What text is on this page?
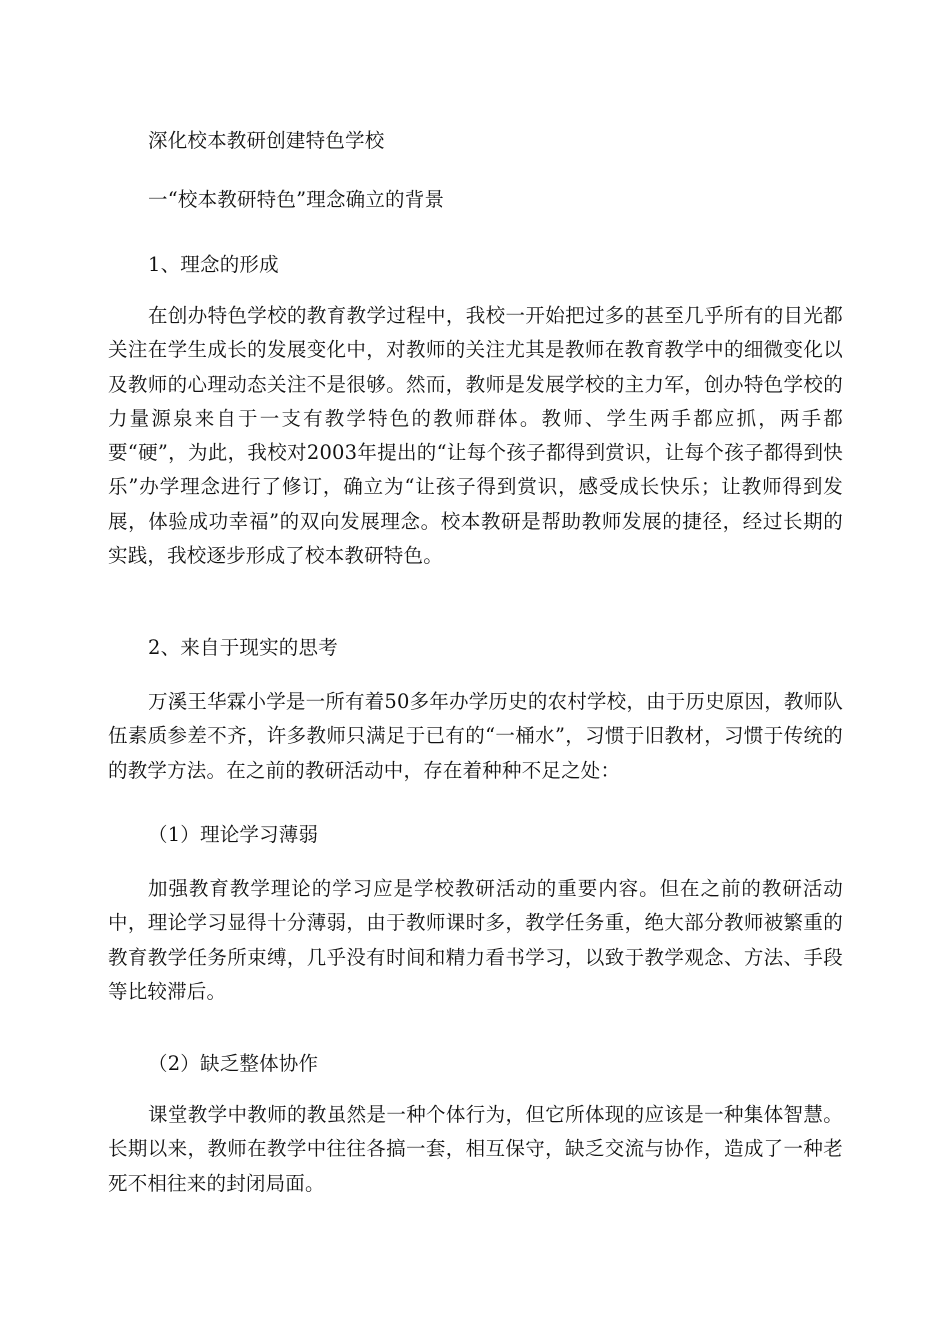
深化校本教研创建特色学校

一“校本教研特色”理念确立的背景

1、理念的形成

在创办特色学校的教育教学过程中，我校一开始把过多的甚至几乎所有的目光都关注在学生成长的发展变化中，对教师的关注尤其是教师在教育教学中的细微变化以及教师的心理动态关注不是很够。然而，教师是发展学校的主力军，创办特色学校的力量源泉来自于一支有教学特色的教师群体。教师、学生两手都应抓，两手都要“硬”，为此，我校对2003年提出的“让每个孩子都得到赏识，让每个孩子都得到快乐”办学理念进行了修订，确立为“让孩子得到赏识，感受成长快乐；让教师得到发展，体验成功幸福”的双向发展理念。校本教研是帮助教师发展的捷径，经过长期的实践，我校逐步形成了校本教研特色。

2、来自于现实的思考

万溪王华霖小学是一所有着50多年办学历史的农村学校，由于历史原因，教师队伍素质参差不齐，许多教师只满足于已有的“一桶水”，习惯于旧教材，习惯于传统的的教学方法。在之前的教研活动中，存在着种种不足之处：

（1）理论学习薄弱

加强教育教学理论的学习应是学校教研活动的重要内容。但在之前的教研活动中，理论学习显得十分薄弱，由于教师课时多，教学任务重，绝大部分教师被繁重的教育教学任务所束缚，几乎没有时间和精力看书学习，以致于教学观念、方法、手段等比较滞后。

（2）缺乏整体协作

课堂教学中教师的教虽然是一种个体行为，但它所体现的应该是一种集体智慧。长期以来，教师在教学中往往各搞一套，相互保守，缺乏交流与协作，造成了一种老死不相往来的封闭局面。
